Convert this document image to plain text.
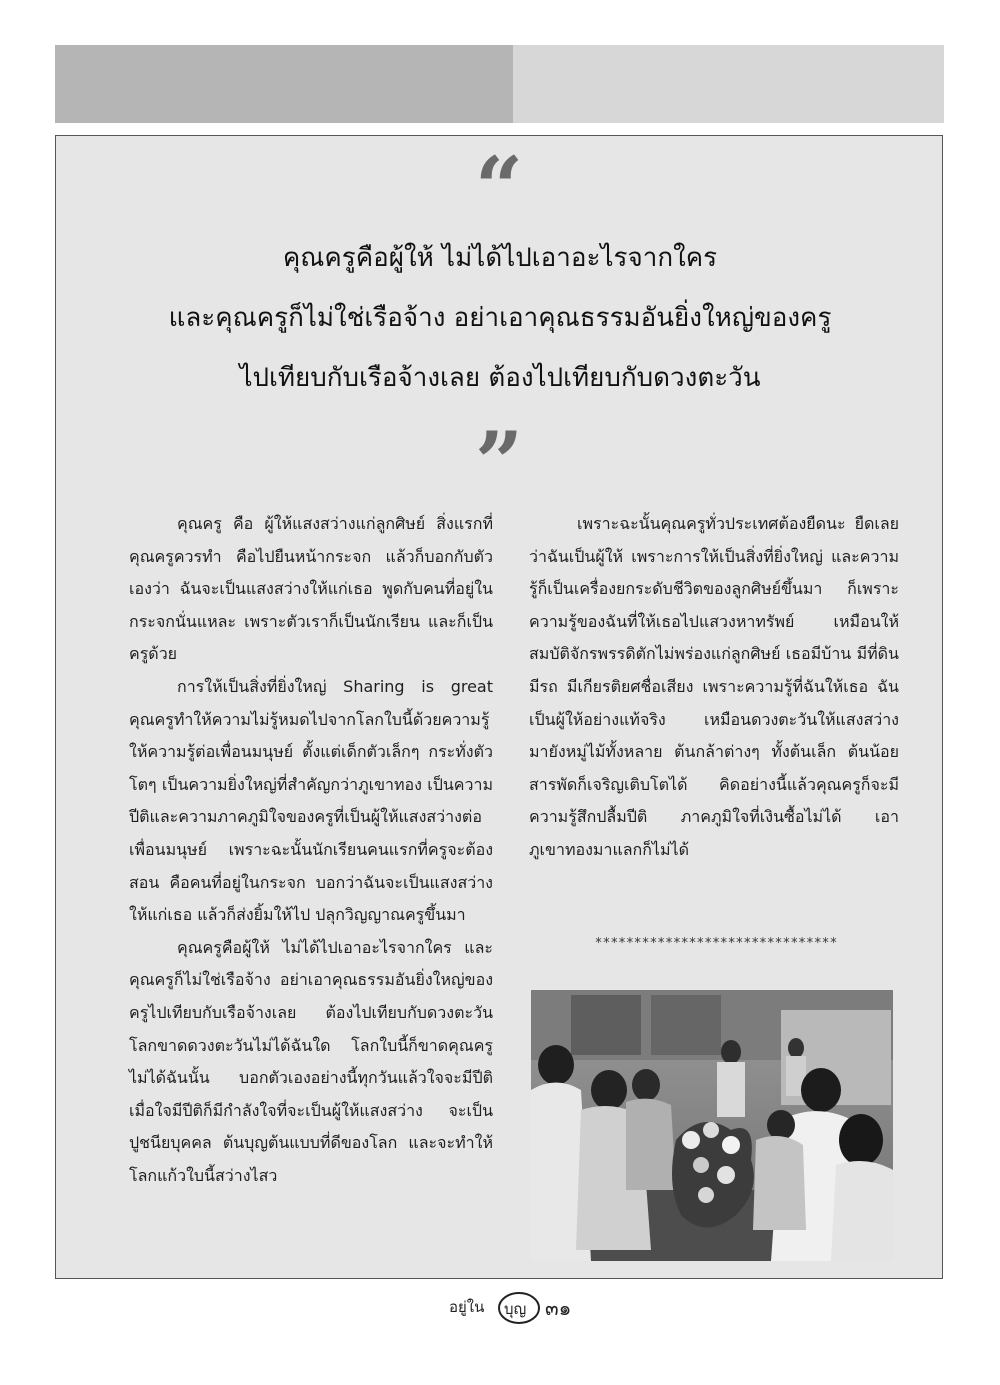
“
คุณครูคือผู้ให้ ไม่ได้ไปเอาอะไรจากใคร
และคุณครูก็ไม่ใช่เรือจ้าง อย่าเอาคุณธรรมอันยิ่งใหญ่ของครู
ไปเทียบกับเรือจ้างเลย ต้องไปเทียบกับดวงตะวัน
”

คุณครู คือ ผู้ให้แสงสว่างแก่ลูกศิษย์ สิ่งแรกที่คุณครูควรทำ คือไปยืนหน้ากระจก แล้วก็บอกกับตัวเองว่า ฉันจะเป็นแสงสว่างให้แก่เธอ พูดกับคนที่อยู่ในกระจกนั่นแหละ เพราะตัวเราก็เป็นนักเรียน และก็เป็นครูด้วย

การให้เป็นสิ่งที่ยิ่งใหญ่ Sharing is great คุณครูทำให้ความไม่รู้หมดไปจากโลกใบนี้ด้วยความรู้ ให้ความรู้ต่อเพื่อนมนุษย์ ตั้งแต่เด็กตัวเล็กๆ กระทั่งตัวโตๆ เป็นความยิ่งใหญ่ที่สำคัญกว่าภูเขาทอง เป็นความปีติและความภาคภูมิใจของครูที่เป็นผู้ให้แสงสว่างต่อเพื่อนมนุษย์ เพราะฉะนั้นนักเรียนคนแรกที่ครูจะต้องสอน คือคนที่อยู่ในกระจก บอกว่าฉันจะเป็นแสงสว่างให้แก่เธอ แล้วก็ส่งยิ้มให้ไป ปลุกวิญญาณครูขึ้นมา

คุณครูคือผู้ให้ ไม่ได้ไปเอาอะไรจากใคร และคุณครูก็ไม่ใช่เรือจ้าง อย่าเอาคุณธรรมอันยิ่งใหญ่ของครูไปเทียบกับเรือจ้างเลย ต้องไปเทียบกับดวงตะวัน โลกขาดดวงตะวันไม่ได้ฉันใด โลกใบนี้ก็ขาดคุณครูไม่ได้ฉันนั้น บอกตัวเองอย่างนี้ทุกวันแล้วใจจะมีปีติ เมื่อใจมีปีติก็มีกำลังใจที่จะเป็นผู้ให้แสงสว่าง จะเป็นปูชนียบุคคล ต้นบุญต้นแบบที่ดีของโลก และจะทำให้โลกแก้วใบนี้สว่างไสว

เพราะฉะนั้นคุณครูทั่วประเทศต้องยืดนะ ยืดเลยว่าฉันเป็นผู้ให้ เพราะการให้เป็นสิ่งที่ยิ่งใหญ่ และความรู้ก็เป็นเครื่องยกระดับชีวิตของลูกศิษย์ขึ้นมา ก็เพราะความรู้ของฉันที่ให้เธอไปแสวงหาทรัพย์ เหมือนให้สมบัติจักรพรรดิตักไม่พร่องแก่ลูกศิษย์ เธอมีบ้าน มีที่ดิน มีรถ มีเกียรติยศชื่อเสียง เพราะความรู้ที่ฉันให้เธอ ฉันเป็นผู้ให้อย่างแท้จริง เหมือนดวงตะวันให้แสงสว่างมายังหมู่ไม้ทั้งหลาย ต้นกล้าต่างๆ ทั้งต้นเล็ก ต้นน้อยสารพัดก็เจริญเติบโตได้ คิดอย่างนี้แล้วคุณครูก็จะมีความรู้สึกปลื้มปีติ ภาคภูมิใจที่เงินซื้อไม่ได้ เอาภูเขาทองมาแลกก็ไม่ได้

*******************************
อยู่ใน บุญ ๓๑
